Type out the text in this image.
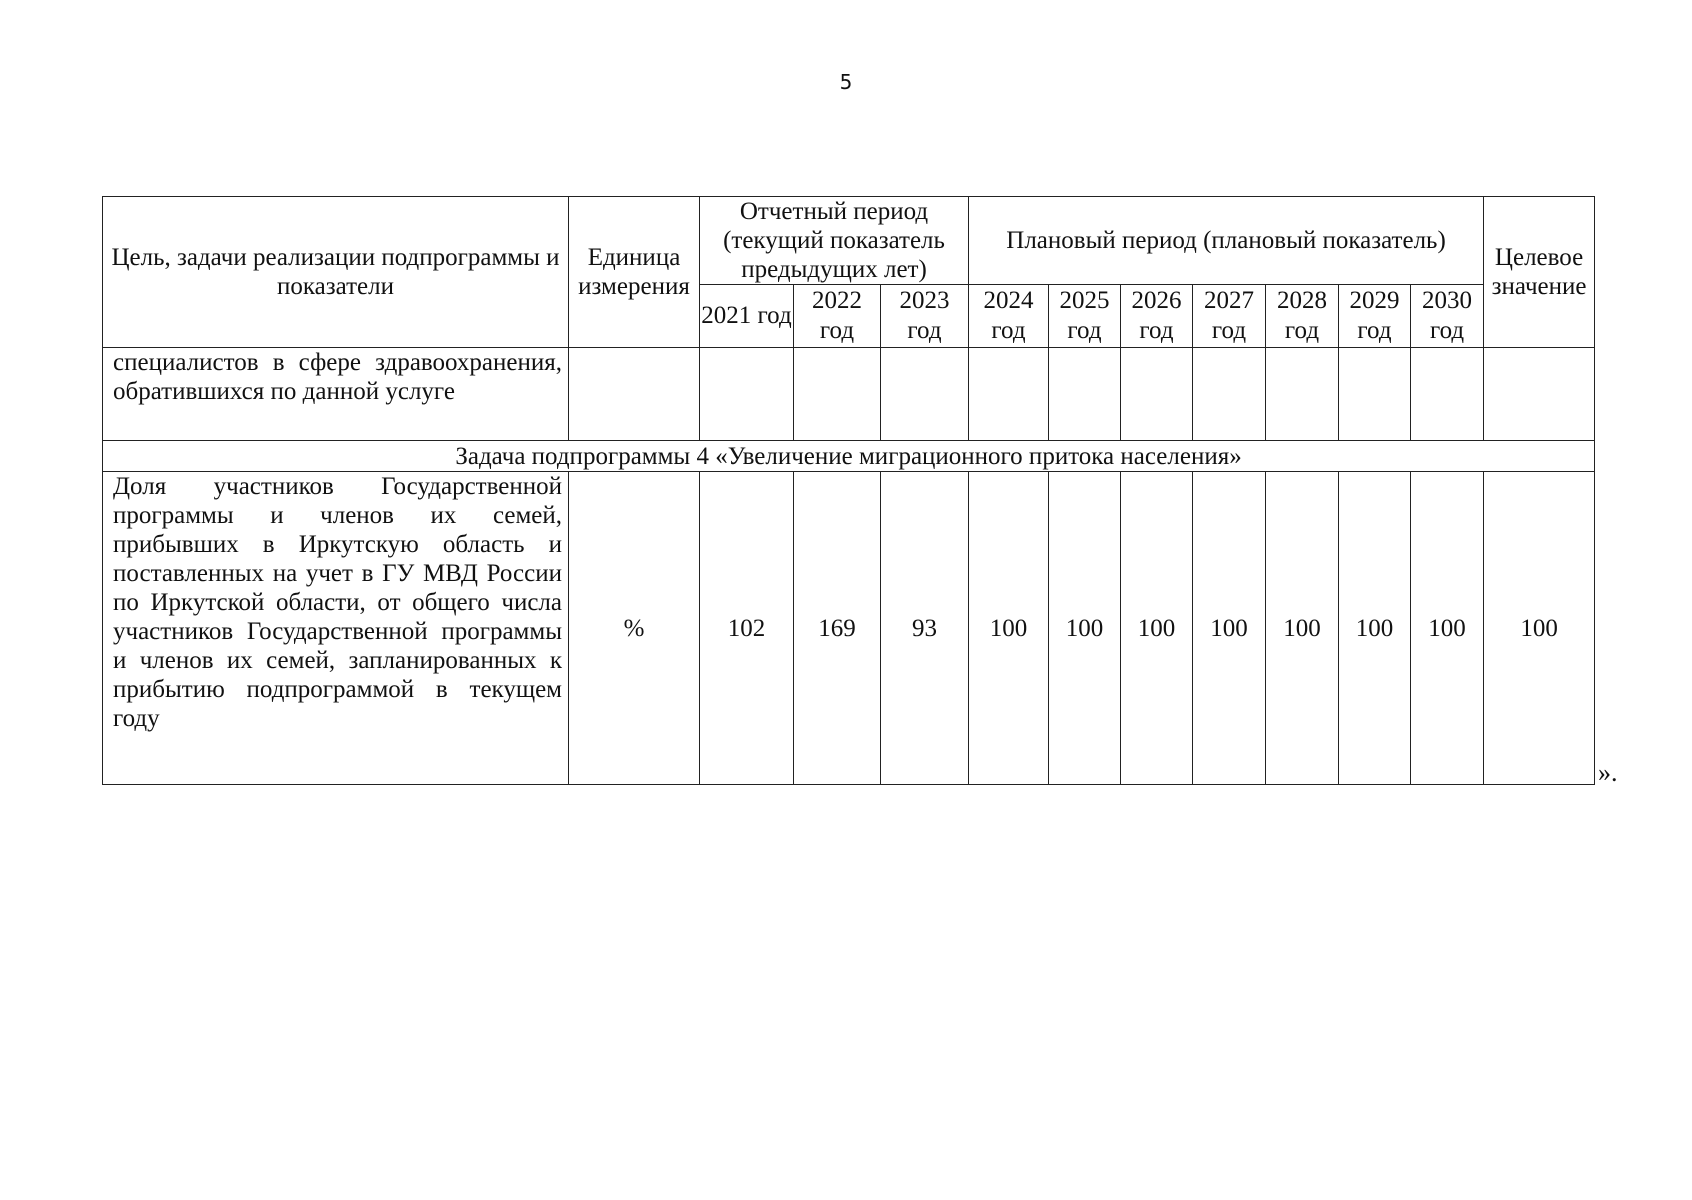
5
Цель, задачи реализации подпрограммы и показатели	Единица измерения	Отчетный период (текущий показатель предыдущих лет)			Плановый период (плановый показатель)							Целевое значение
		2021 год	2022 год	2023 год	2024 год	2025 год	2026 год	2027 год	2028 год	2029 год	2030 год	
специалистов в сфере здравоохранения, обратившихся по данной услуге												
Задача подпрограммы 4 «Увеличение миграционного притока населения»												
Доля участников Государственной программы и членов их семей, прибывших в Иркутскую область и поставленных на учет в ГУ МВД России по Иркутской области, от общего числа участников Государственной программы и членов их семей, запланированных к прибытию подпрограммой в текущем году	%	102	169	93	100	100	100	100	100	100	100	100
».
